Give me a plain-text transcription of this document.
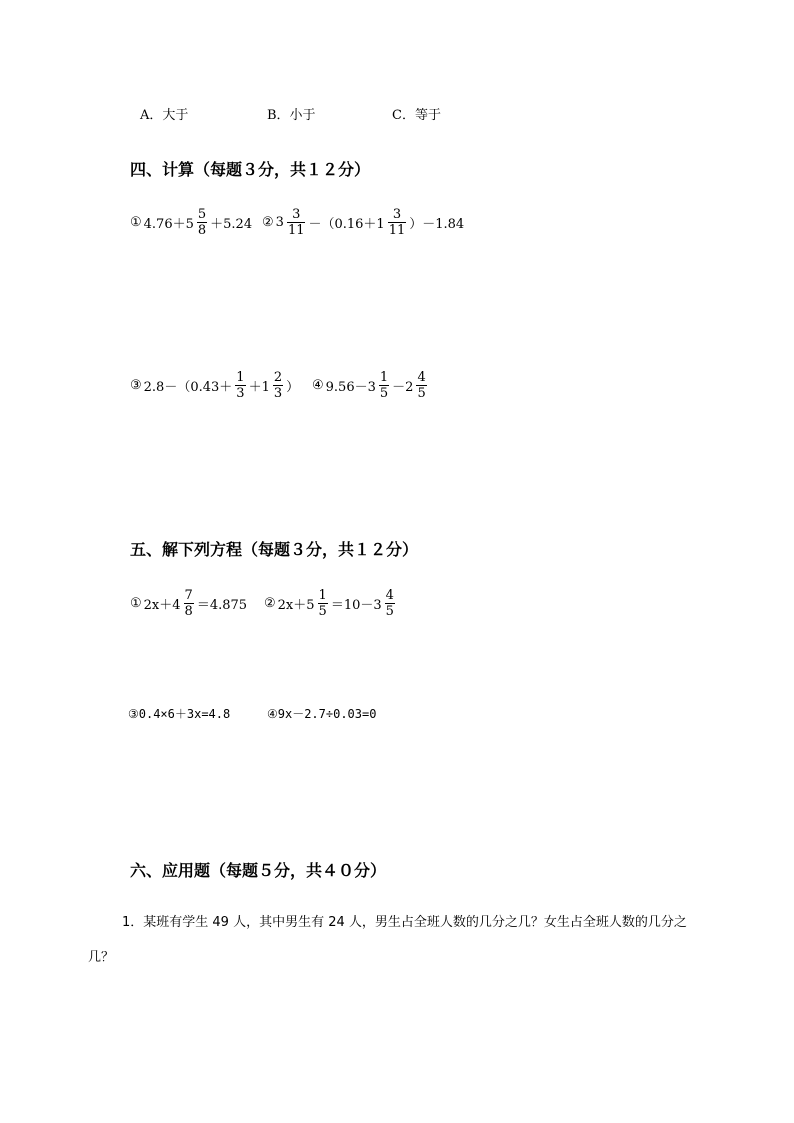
A．大于	B．小于	C．等于
四、计算（每题３分，共１２分）
① $4.76+5 \frac{5}{8} +5.24$ ② $3 \frac{3}{11} -(0.16+1 \frac{3}{11} )-1.84$
③ $2.8-(0.43+ \frac{1}{3} +1 \frac{2}{3}$ ） ④ $9.56-3 \frac{1}{5} -2 \frac{4}{5}$
五、解下列方程（每题３分，共１２分）
① $2x+4 \frac{7}{8} =4.875$ ② $2x+5 \frac{1}{5} =10-3 \frac{4}{5}$
③0.4×6＋3x=4.8	④9x－2.7÷0.03=0
六、应用题（每题５分，共４０分）
1．某班有学生 49 人，其中男生有 24 人，男生占全班人数的几分之几？女生占全班人数的几分之几？
